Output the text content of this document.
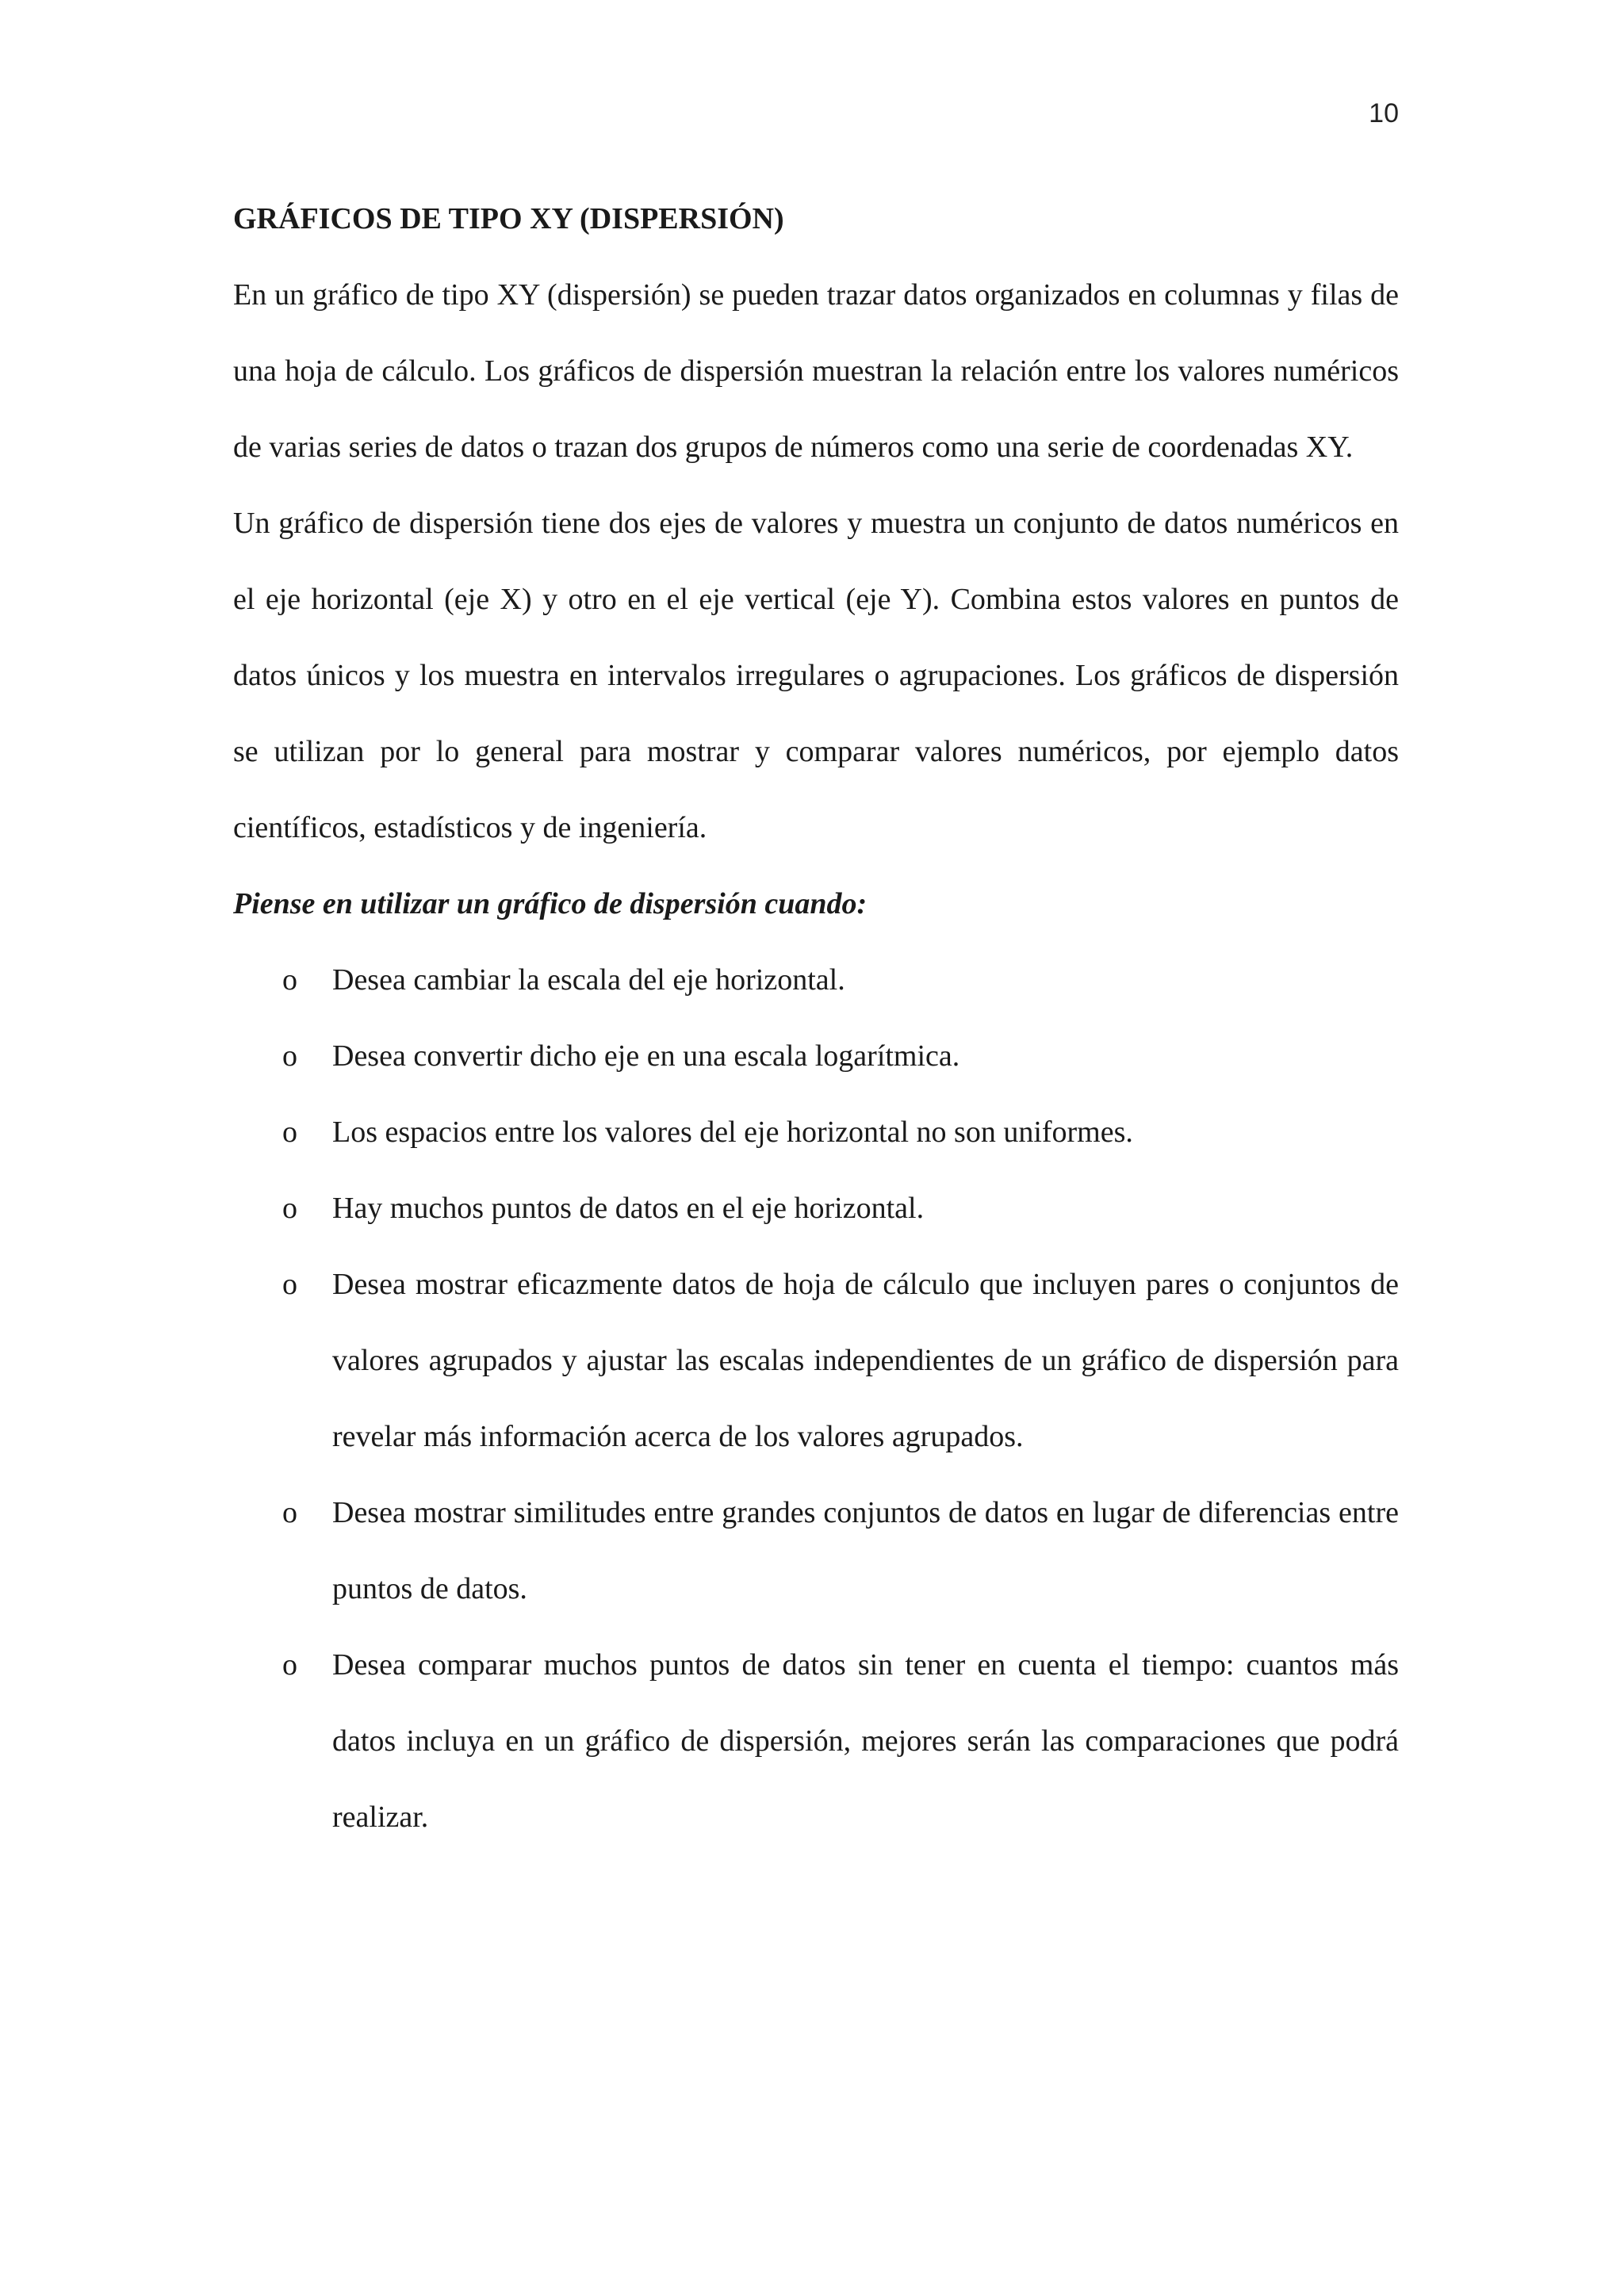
10
GRÁFICOS DE TIPO XY (DISPERSIÓN)

En un gráfico de tipo XY (dispersión) se pueden trazar datos organizados en columnas y filas de una hoja de cálculo. Los gráficos de dispersión muestran la relación entre los valores numéricos de varias series de datos o trazan dos grupos de números como una serie de coordenadas XY.

Un gráfico de dispersión tiene dos ejes de valores y muestra un conjunto de datos numéricos en el eje horizontal (eje X) y otro en el eje vertical (eje Y). Combina estos valores en puntos de datos únicos y los muestra en intervalos irregulares o agrupaciones. Los gráficos de dispersión se utilizan por lo general para mostrar y comparar valores numéricos, por ejemplo datos científicos, estadísticos y de ingeniería.

Piense en utilizar un gráfico de dispersión cuando:

o Desea cambiar la escala del eje horizontal.
o Desea convertir dicho eje en una escala logarítmica.
o Los espacios entre los valores del eje horizontal no son uniformes.
o Hay muchos puntos de datos en el eje horizontal.
o Desea mostrar eficazmente datos de hoja de cálculo que incluyen pares o conjuntos de valores agrupados y ajustar las escalas independientes de un gráfico de dispersión para revelar más información acerca de los valores agrupados.
o Desea mostrar similitudes entre grandes conjuntos de datos en lugar de diferencias entre puntos de datos.
o Desea comparar muchos puntos de datos sin tener en cuenta el tiempo: cuantos más datos incluya en un gráfico de dispersión, mejores serán las comparaciones que podrá realizar.
